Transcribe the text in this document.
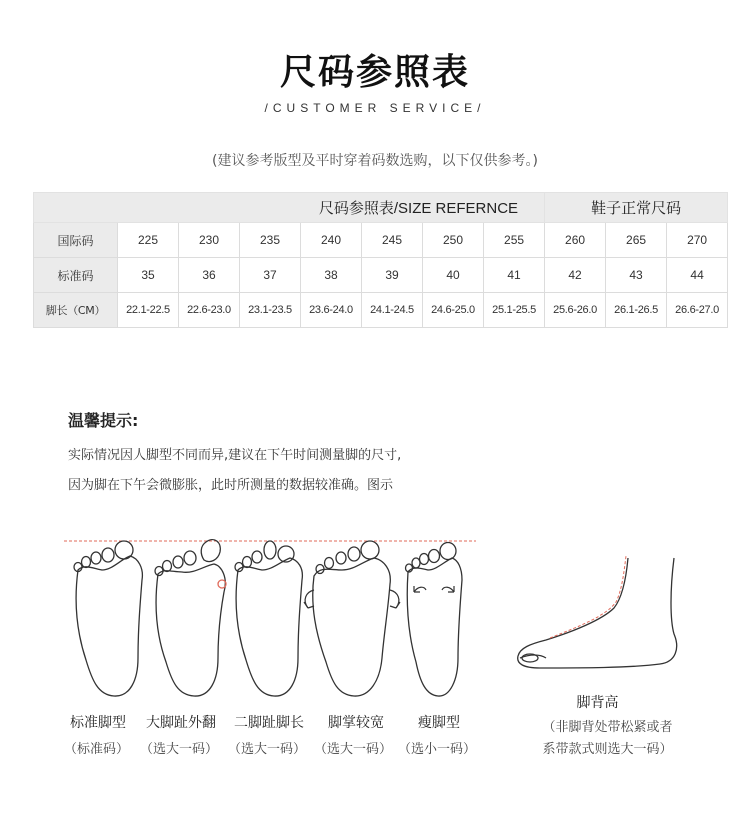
尺码参照表
/CUSTOMER SERVICE/
(建议参考版型及平时穿着码数选购，以下仅供参考。)
尺码参照表/SIZE REFERNCE								鞋子正常尺码		
国际码	225	230	235	240	245	250	255	260	265	270
标准码	35	36	37	38	39	40	41	42	43	44
脚长（CM）	22.1-22.5	22.6-23.0	23.1-23.5	23.6-24.0	24.1-24.5	24.6-25.0	25.1-25.5	25.6-26.0	26.1-26.5	26.6-27.0
温馨提示:
实际情况因人脚型不同而异,建议在下午时间测量脚的尺寸,
因为脚在下午会微膨胀，此时所测量的数据较准确。图示
标准脚型
（标准码）
大脚趾外翻
（选大一码）
二脚趾脚长
（选大一码）
脚掌较宽
（选大一码）
瘦脚型
（选小一码）
脚背高
（非脚背处带松紧或者
系带款式则选大一码）
